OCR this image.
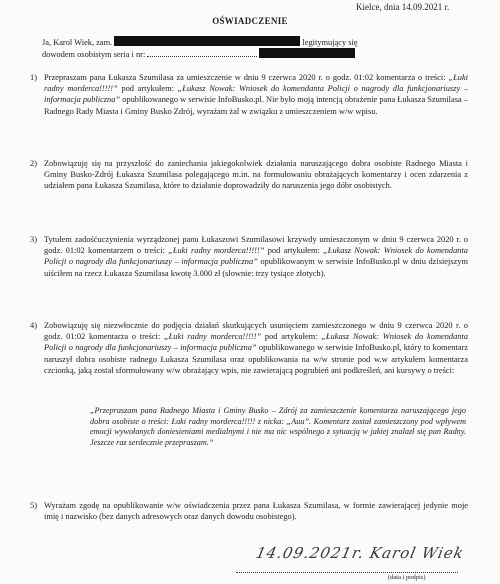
Kielce, dnia 14.09.2021 r.
OŚWIADCZENIE
Ja, Karol Wiek, zam.	legitymujący się
dowodem osobistym seria i nr:
1) Przepraszam pana Łukasza Szumilasa za umieszczenie w dniu 9 czerwca 2020 r. o godz. 01:02 komentarza o treści: „Łuki radny morderca!!!!!” pod artykułem: „Łukasz Nowak: Wniosek do komendanta Policji o nagrody dla funkcjonariuszy – informacja publiczna” opublikowanego w serwisie InfoBusko.pl. Nie było moją intencją obrażenie pana Łukasza Szumilasa – Radnego Rady Miasta i Gminy Busko Zdrój, wyrażam żal w związku z umieszczeniem w/w wpisu.
2) Zobowiązuję się na przyszłość do zaniechania jakiegokolwiek działania naruszającego dobra osobiste Radnego Miasta i Gminy Busko-Zdrój Łukasza Szumilasa polegającego m.in. na formułowaniu obrażających komentarzy i ocen zdarzenia z udziałem pana Łukasza Szumilasa, które to działanie doprowadziły do naruszenia jego dóbr osobistych.
3) Tytułem zadośćuczynienia wyrządzonej panu Łukaszowi Szumilasowi krzywdy umieszczonym w dniu 9 czerwca 2020 r. o godz. 01:02 komentarzem o treści: „Łuki radny morderca!!!!!” pod artykułem: „Łukasz Nowak: Wniosek do komendanta Policji o nagrody dla funkcjonariuszy – informacja publiczna” opublikowanym w serwisie InfoBusko.pl w dniu dzisiejszym uiściłem na rzecz Łukasza Szumilasa kwotę 3.000 zł (słownie: trzy tysiące złotych).
4) Zobowiązuję się niezwłocznie do podjęcia działań skutkujących usunięciem zamieszczonego w dniu 9 czerwca 2020 r. o godz. 01:02 komentarza o treści: „Łuki radny morderca!!!!!” pod artykułem: „Łukasz Nowak: Wniosek do komendanta Policji o nagrody dla funkcjonariuszy – informacja publiczna” opublikowanego w serwisie InfoBusko.pl, który to komentarz naruszył dobra osobiste radnego Łukasza Szumilasa oraz opublikowania na w/w stronie pod w.w artykułem komentarza czcionką, jaką został sformułowany w/w obrażający wpis, nie zawierającą pogrubień ani podkreśleń, ani kursywy o treści:
„Przepraszam pana Radnego Miasta i Gminy Busko – Zdrój za zamieszczenie komentarza naruszającego jego dobra osobiste o treści: Łuki radny morderca!!!!! z nicka: „Auu”. Komentarz został zamieszczony pod wpływem emocji wywołanych doniesieniami medialnymi i nie ma nic wspólnego z sytuacją w jakiej znalazł się pan Radny. Jeszcze raz serdecznie przepraszam.”
5) Wyrażam zgodę na opublikowanie w/w oświadczenia przez pana Łukasza Szumilasa, w formie zawierającej jedynie moje imię i nazwisko (bez danych adresowych oraz danych dowodu osobistego).
14.09.2021r. Karol Wiek
(data i podpis)
